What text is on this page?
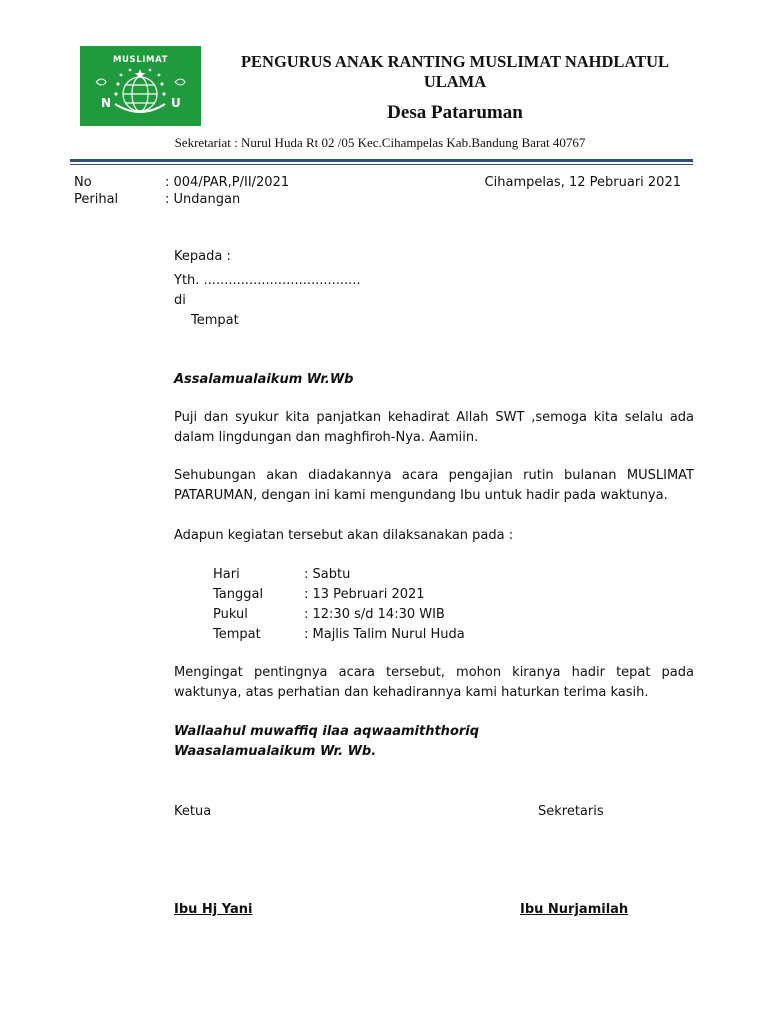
MUSLIMAT
N	U
PENGURUS ANAK RANTING MUSLIMAT NAHDLATUL ULAMA
Desa Pataruman
Sekretariat : Nurul Huda Rt 02 /05 Kec.Cihampelas Kab.Bandung Barat 40767
No	: 004/PAR,P/II/2021
Perihal	: Undangan
Cihampelas, 12 Pebruari 2021
Kepada :
Yth. ......................................
di
Tempat
Assalamualaikum Wr.Wb
Puji dan syukur kita panjatkan kehadirat Allah SWT ,semoga kita selalu ada dalam lingdungan dan maghfiroh-Nya. Aamiin.
Sehubungan akan diadakannya acara pengajian rutin bulanan MUSLIMAT PATARUMAN, dengan ini kami mengundang Ibu untuk hadir pada waktunya.
Adapun kegiatan tersebut akan dilaksanakan pada :
Hari	: Sabtu
Tanggal	: 13 Pebruari 2021
Pukul	: 12:30 s/d 14:30 WIB
Tempat	: Majlis Talim Nurul Huda
Mengingat pentingnya acara tersebut, mohon kiranya hadir tepat pada waktunya, atas perhatian dan kehadirannya kami haturkan terima kasih.
Wallaahul muwaffiq ilaa aqwaamiththoriq
Waasalamualaikum Wr. Wb.
Ketua	Sekretaris
Ibu Hj Yani	Ibu Nurjamilah
